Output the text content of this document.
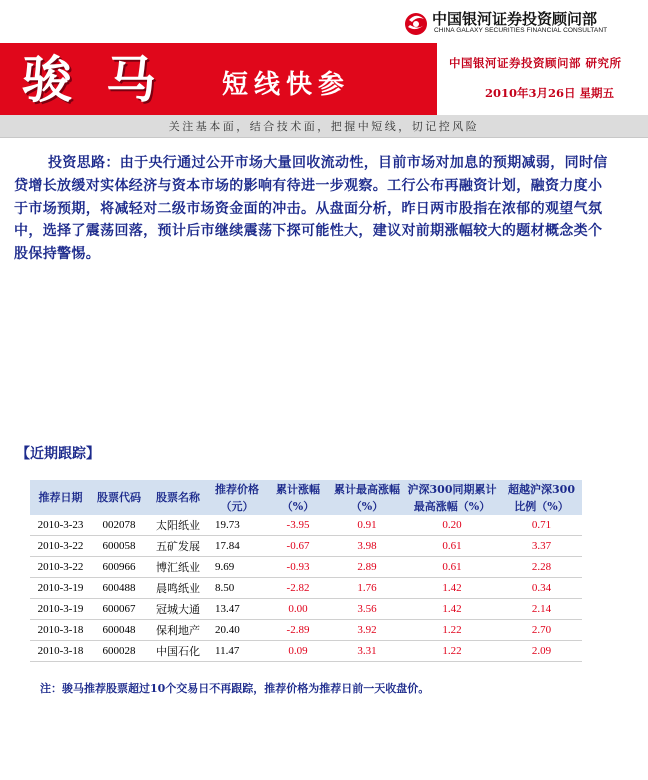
中国银河证券投资顾问部
CHINA GALAXY SECURITIES FINANCIAL CONSULTANT
骏马 短线快参
中国银河证券投资顾问部 研究所
2010年3月26日 星期五
关注基本面，结合技术面，把握中短线，切记控风险

投资思路：由于央行通过公开市场大量回收流动性，目前市场对加息的预期减弱，同时信贷增长放缓对实体经济与资本市场的影响有待进一步观察。工行公布再融资计划，融资力度小于市场预期，将减轻对二级市场资金面的冲击。从盘面分析，昨日两市股指在浓郁的观望气氛中，选择了震荡回落，预计后市继续震荡下探可能性大，建议对前期涨幅较大的题材概念类个股保持警惕。

【近期跟踪】
推荐日期	股票代码	股票名称	推荐价格（元）	累计涨幅（%）	累计最高涨幅（%）	沪深300同期累计最高涨幅（%）	超越沪深300比例（%）
2010-3-23	002078	太阳纸业	19.73	-3.95	0.91	0.20	0.71
2010-3-22	600058	五矿发展	17.84	-0.67	3.98	0.61	3.37
2010-3-22	600966	博汇纸业	9.69	-0.93	2.89	0.61	2.28
2010-3-19	600488	晨鸣纸业	8.50	-2.82	1.76	1.42	0.34
2010-3-19	600067	冠城大通	13.47	0.00	3.56	1.42	2.14
2010-3-18	600048	保利地产	20.40	-2.89	3.92	1.22	2.70
2010-3-18	600028	中国石化	11.47	0.09	3.31	1.22	2.09
注：骏马推荐股票超过10个交易日不再跟踪，推荐价格为推荐日前一天收盘价。
